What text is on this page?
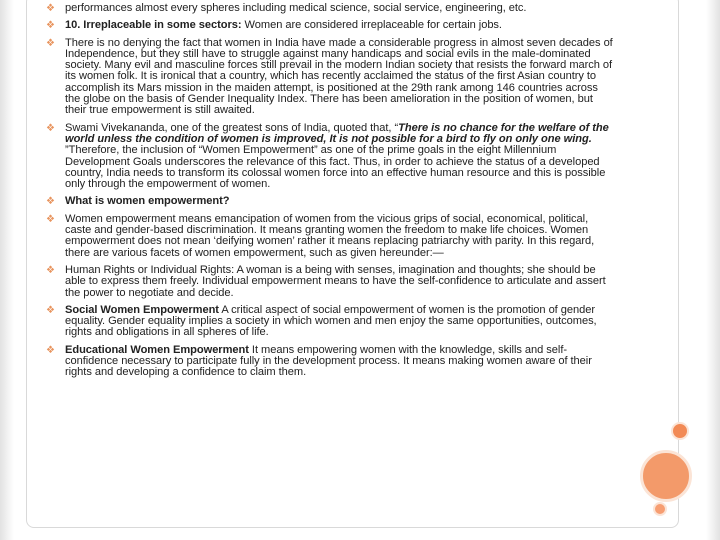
❖ performances almost every spheres including medical science, social service, engineering, etc.
❖ 10. Irreplaceable in some sectors: Women are considered irreplaceable for certain jobs.
❖ There is no denying the fact that women in India have made a considerable progress in almost seven decades of Independence, but they still have to struggle against many handicaps and social evils in the male-dominated society. Many evil and masculine forces still prevail in the modern Indian society that resists the forward march of its women folk. It is ironical that a country, which has recently acclaimed the status of the first Asian country to accomplish its Mars mission in the maiden attempt, is positioned at the 29th rank among 146 countries across the globe on the basis of Gender Inequality Index. There has been amelioration in the position of women, but their true empowerment is still awaited.
❖ Swami Vivekananda, one of the greatest sons of India, quoted that, “There is no chance for the welfare of the world unless the condition of women is improved, It is not possible for a bird to fly on only one wing. ”Therefore, the inclusion of “Women Empowerment” as one of the prime goals in the eight Millennium Development Goals underscores the relevance of this fact. Thus, in order to achieve the status of a developed country, India needs to transform its colossal women force into an effective human resource and this is possible only through the empowerment of women.
❖ What is women empowerment?
❖ Women empowerment means emancipation of women from the vicious grips of social, economical, political, caste and gender-based discrimination. It means granting women the freedom to make life choices. Women empowerment does not mean ‘deifying women’ rather it means replacing patriarchy with parity. In this regard, there are various facets of women empowerment, such as given hereunder:—
❖ Human Rights or Individual Rights: A woman is a being with senses, imagination and thoughts; she should be able to express them freely. Individual empowerment means to have the self-confidence to articulate and assert the power to negotiate and decide.
❖ Social Women Empowerment A critical aspect of social empowerment of women is the promotion of gender equality. Gender equality implies a society in which women and men enjoy the same opportunities, outcomes, rights and obligations in all spheres of life.
❖ Educational Women Empowerment It means empowering women with the knowledge, skills and self-confidence necessary to participate fully in the development process. It means making women aware of their rights and developing a confidence to claim them.
